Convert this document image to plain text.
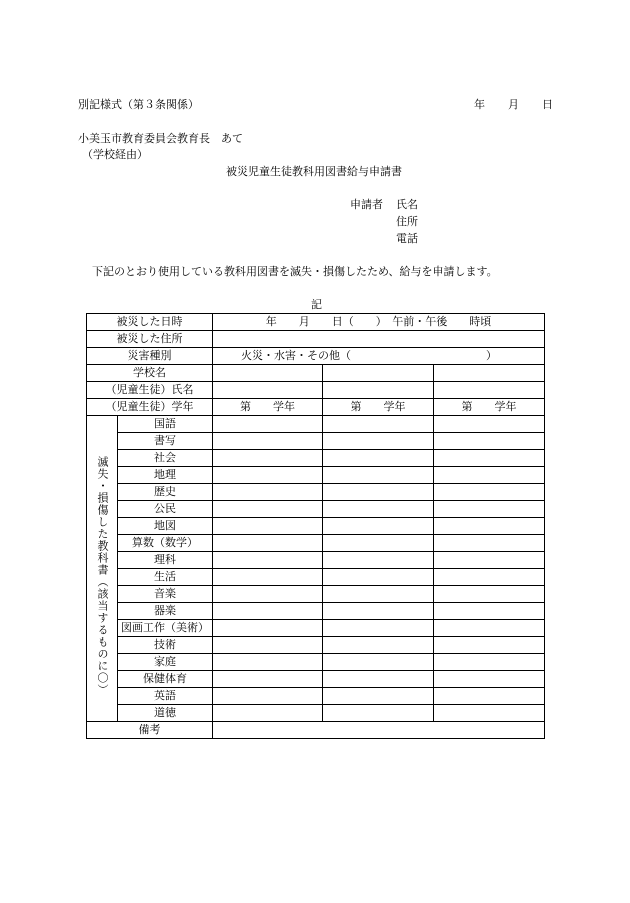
別記様式（第３条関係）	年 月 日
小美玉市教育委員会教育長　あて
（学校経由）
被災児童生徒教科用図書給与申請書
申請者 氏名
住所
電話
下記のとおり使用している教科用図書を滅失・損傷したため、給与を申請します。
記
被災した日時		年　　月　　日（　　）　午前・午後　　時頃		
被災した住所				
災害種別		火災・水害・その他（ ）		
学校名				
（児童生徒）氏名				
（児童生徒）学年		第　　学年	第　　学年	第　　学年

滅失・損傷した教科書（該当するものに〇）	国語			
	書写			
	社会			
	地理			
	歴史			
	公民			
	地図			
	算数（数学）			
	理科			
	生活			
	音楽			
	器楽			
	図画工作（美術）			
	技術			
	家庭			
	保健体育			
	英語			
	道徳			
備考				
